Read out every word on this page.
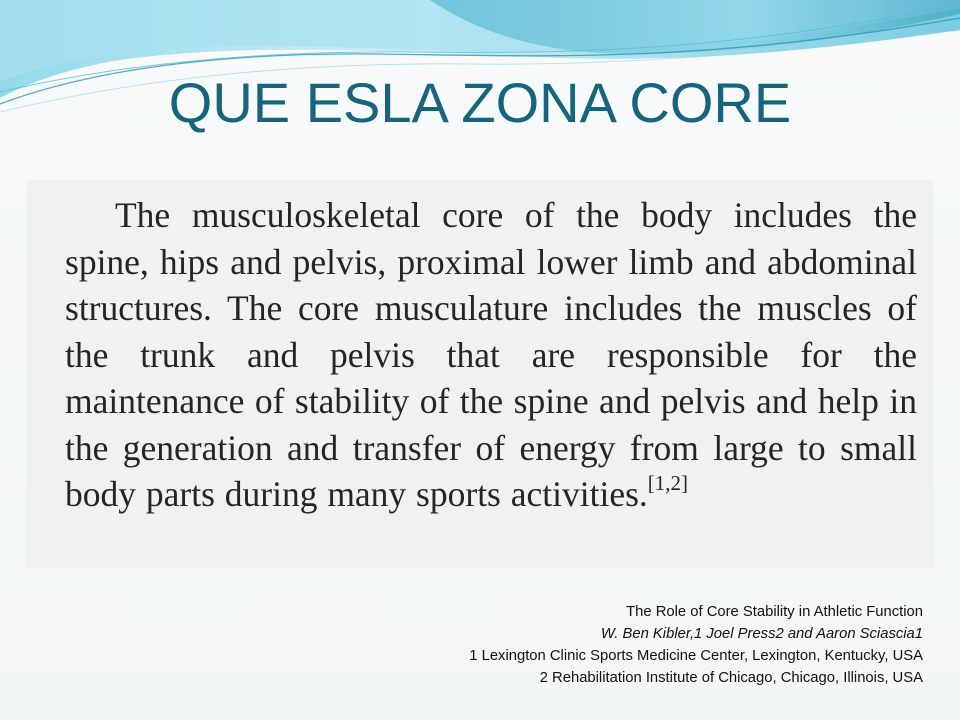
QUE ESLA ZONA CORE
The musculoskeletal core of the body includes the spine, hips and pelvis, proximal lower limb and abdominal structures. The core musculature includes the muscles of the trunk and pelvis that are responsible for the maintenance of stability of the spine and pelvis and help in the generation and transfer of energy from large to small body parts during many sports activities.[1,2]
The Role of Core Stability in Athletic Function
W. Ben Kibler,1 Joel Press2 and Aaron Sciascia1
1 Lexington Clinic Sports Medicine Center, Lexington, Kentucky, USA
2 Rehabilitation Institute of Chicago, Chicago, Illinois, USA
